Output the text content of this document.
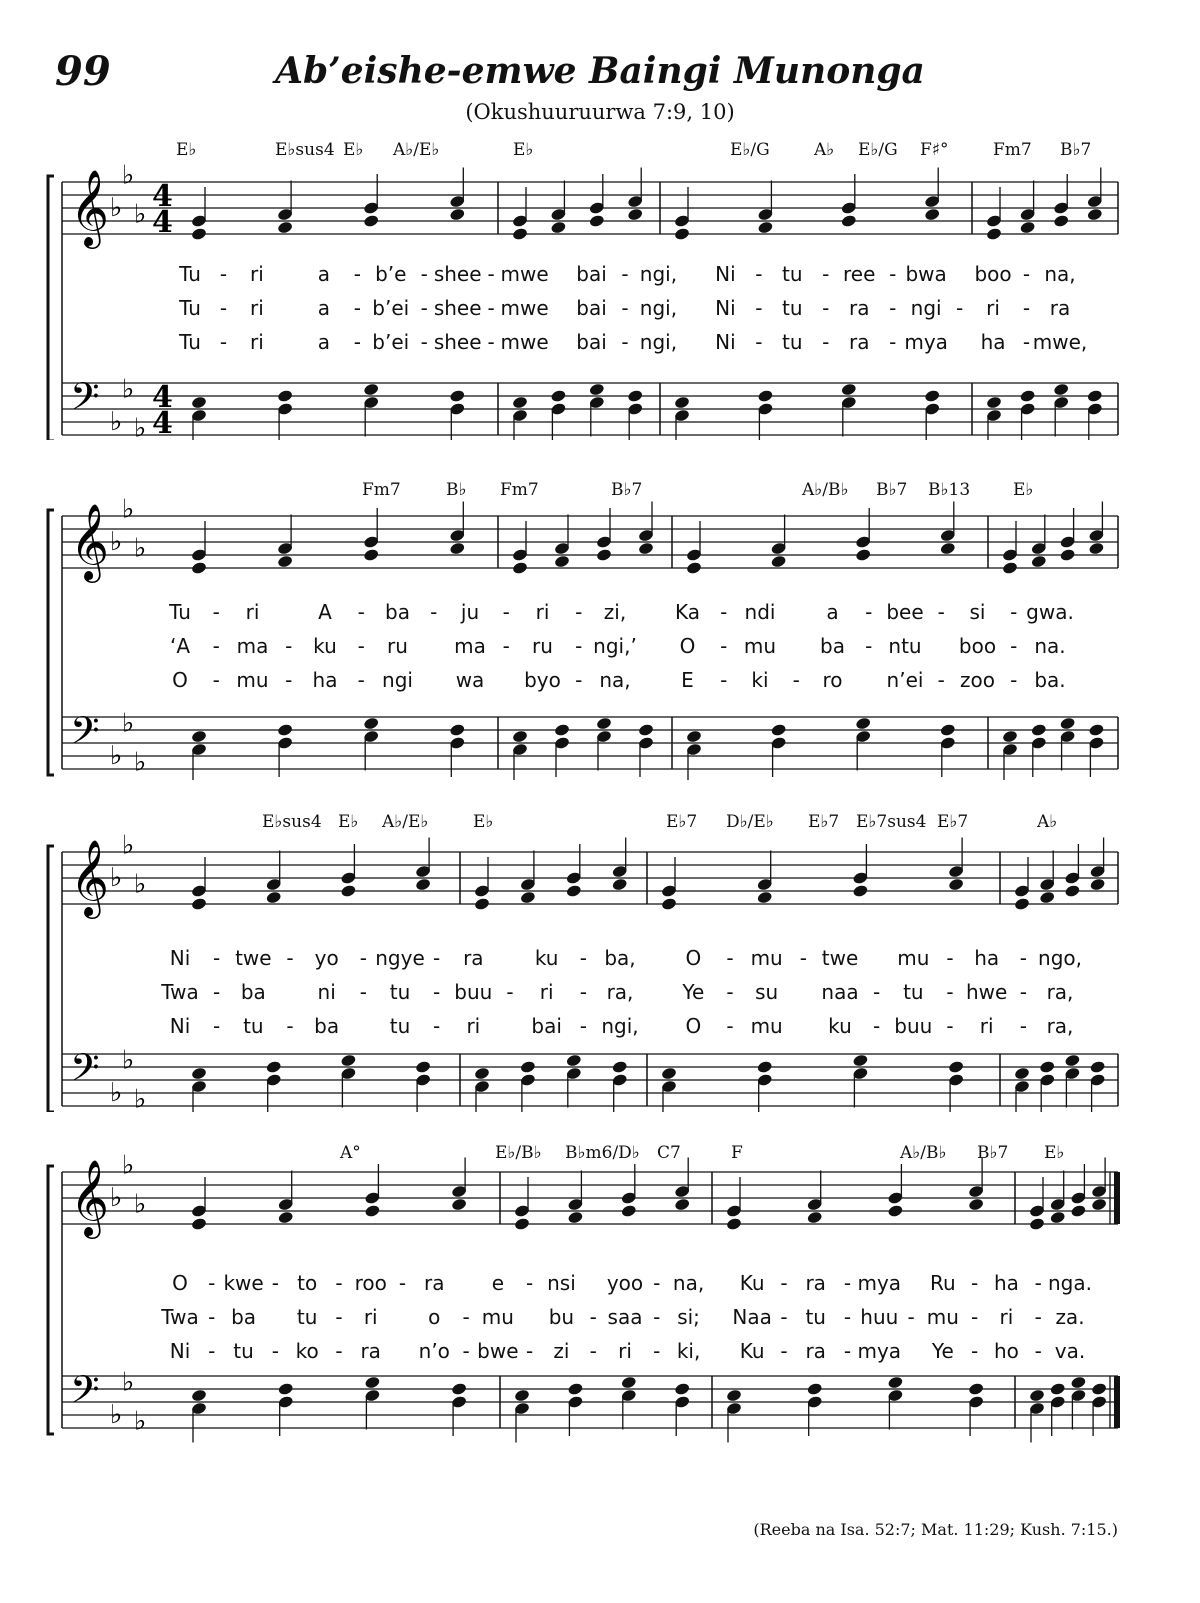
99	Ab’eishe-emwe Baingi Munonga
(Okushuuruurwa 7:9, 10)
E♭	E♭sus4 E♭ A♭/E♭	E♭	E♭/G	A♭ E♭/G F♯°	Fm7 B♭7
𝄞 ♭
♭
♭
4
4
𝄢 ♭
♭
♭
4
4
Tu - ri	a - b’e - shee - mwe bai - ngi, Ni - tu - ree - bwa boo - na,
Tu - ri	a - b’ei - shee - mwe bai - ngi, Ni - tu - ra - ngi - ri - ra
Tu - ri	a - b’ei - shee - mwe bai - ngi, Ni - tu - ra - mya ha - mwe,
Fm7	B♭ Fm7	B♭7	A♭/B♭ B♭7 B♭13	E♭
𝄞 ♭
♭
♭
𝄢 ♭
♭
♭
Tu - ri	A - ba - ju - ri - zi, Ka - ndi	a - bee - si - gwa.
‘A - ma - ku - ru ma - ru - ngi,’ O - mu ba - ntu boo - na.
O - mu - ha - ngi wa byo - na,	E - ki - ro n’ei - zoo - ba.
E♭sus4 E♭ A♭/E♭	E♭	E♭7 D♭/E♭ E♭7 E♭7sus4 E♭7	A♭
𝄞 ♭
♭
♭
𝄢 ♭
♭
♭
Ni - twe - yo - ngye - ra	ku - ba, O - mu - twe mu - ha - ngo,
Twa - ba	ni - tu - buu - ri - ra, Ye - su naa - tu - hwe - ra,
Ni - tu - ba	tu - ri	bai - ngi, O - mu ku - buu - ri - ra,
A°	E♭/B♭ B♭m6/D♭ C7	F	A♭/B♭ B♭7 E♭
𝄞 ♭
♭
♭
𝄢 ♭
♭
♭
O - kwe - to - roo - ra e - nsi yoo - na, Ku - ra - mya Ru - ha - nga.
Twa - ba tu - ri	o - mu bu - saa - si; Naa - tu - huu - mu - ri - za.
Ni - tu - ko - ra n’o - bwe - zi - ri - ki, Ku - ra - mya Ye - ho - va.
(Reeba na Isa. 52:7; Mat. 11:29; Kush. 7:15.)
